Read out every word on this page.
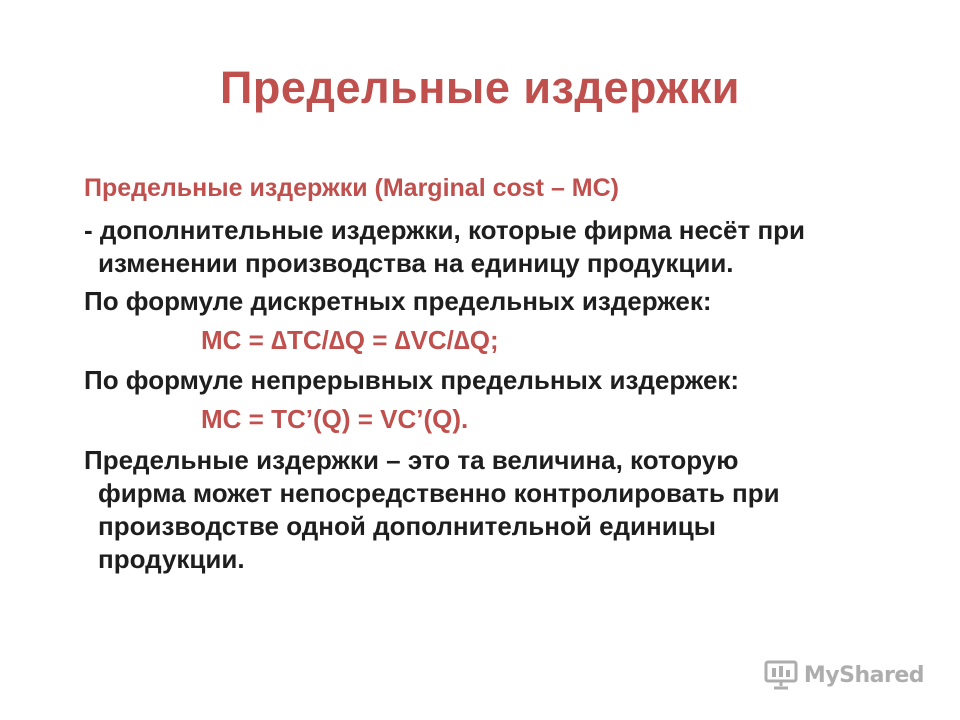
Предельные издержки
Предельные издержки (Marginal cost – MC)
- дополнительные издержки, которые фирма несёт при
изменении производства на единицу продукции.
По формуле дискретных предельных издержек:
MC = ∆TC/∆Q = ∆VC/∆Q;
По формуле непрерывных предельных издержек:
MC = TC’(Q) = VC’(Q).
Предельные издержки – это та величина, которую
фирма может непосредственно контролировать при
производстве одной дополнительной единицы
продукции.
MyShared
